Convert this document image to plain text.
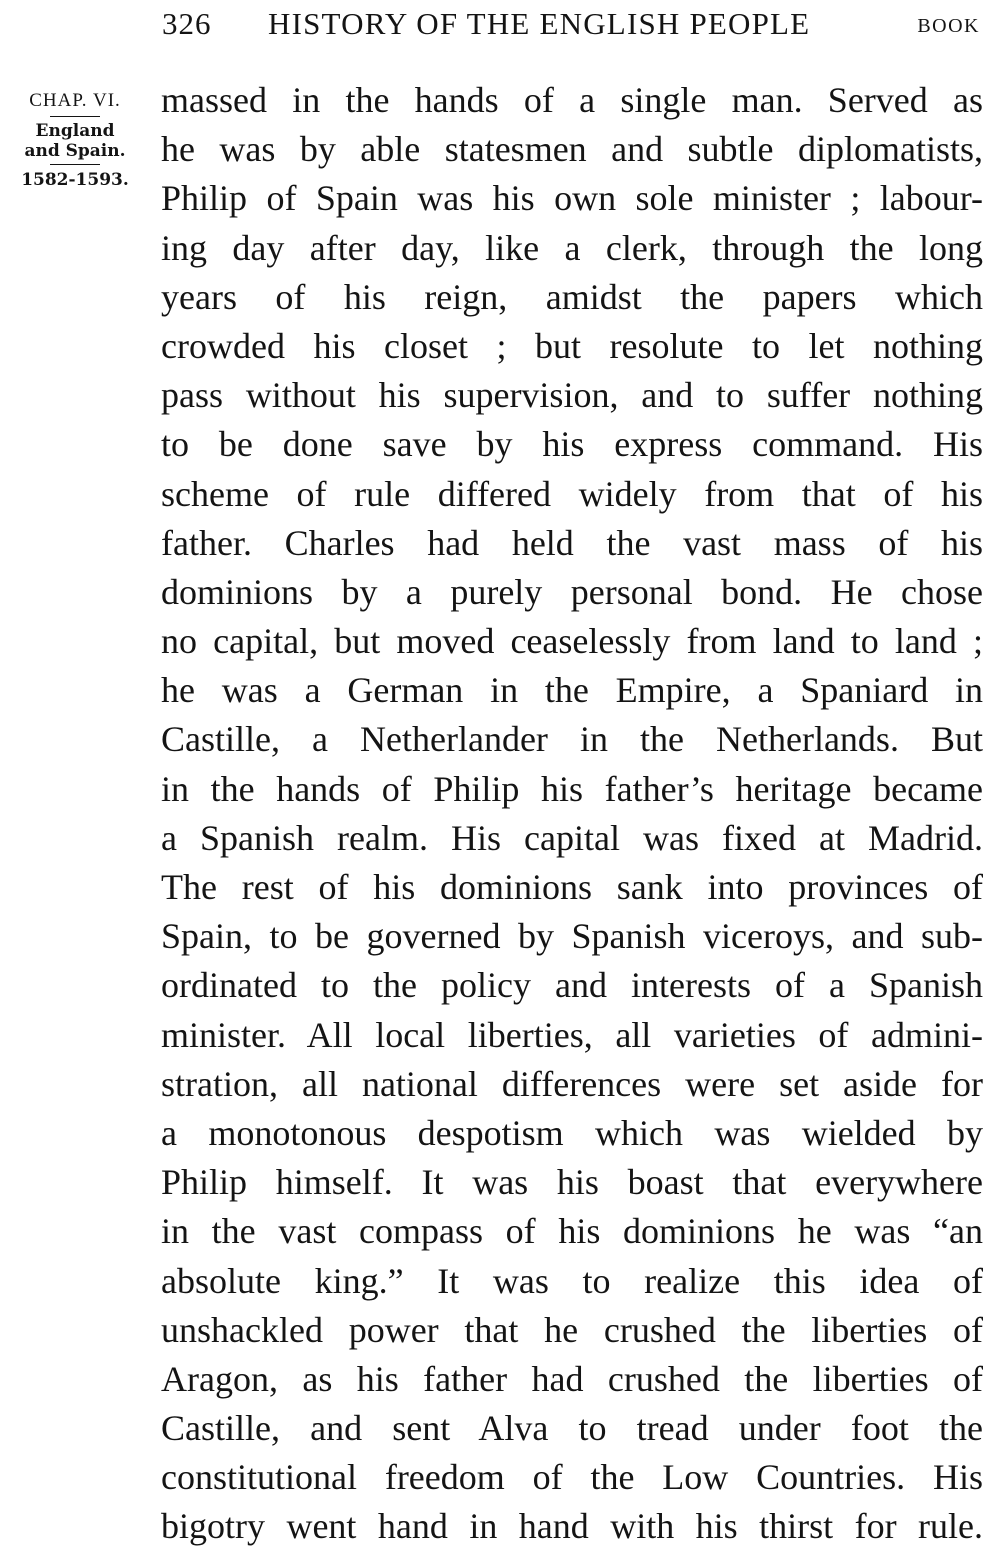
326 HISTORY OF THE ENGLISH PEOPLE	BOOK
CHAP. VI.
England
and Spain.
1582-1593.
massed in the hands of a single man. Served as
he was by able statesmen and subtle diplomatists,
Philip of Spain was his own sole minister ; labour-
ing day after day, like a clerk, through the long
years of his reign, amidst the papers which
crowded his closet ; but resolute to let nothing
pass without his supervision, and to suffer nothing
to be done save by his express command. His
scheme of rule differed widely from that of his
father. Charles had held the vast mass of his
dominions by a purely personal bond. He chose
no capital, but moved ceaselessly from land to land ;
he was a German in the Empire, a Spaniard in
Castille, a Netherlander in the Netherlands. But
in the hands of Philip his father’s heritage became
a Spanish realm. His capital was fixed at Madrid.
The rest of his dominions sank into provinces of
Spain, to be governed by Spanish viceroys, and sub-
ordinated to the policy and interests of a Spanish
minister. All local liberties, all varieties of admini-
stration, all national differences were set aside for
a monotonous despotism which was wielded by
Philip himself. It was his boast that everywhere
in the vast compass of his dominions he was “an
absolute king.” It was to realize this idea of
unshackled power that he crushed the liberties of
Aragon, as his father had crushed the liberties of
Castille, and sent Alva to tread under foot the
constitutional freedom of the Low Countries. His
bigotry went hand in hand with his thirst for rule.
